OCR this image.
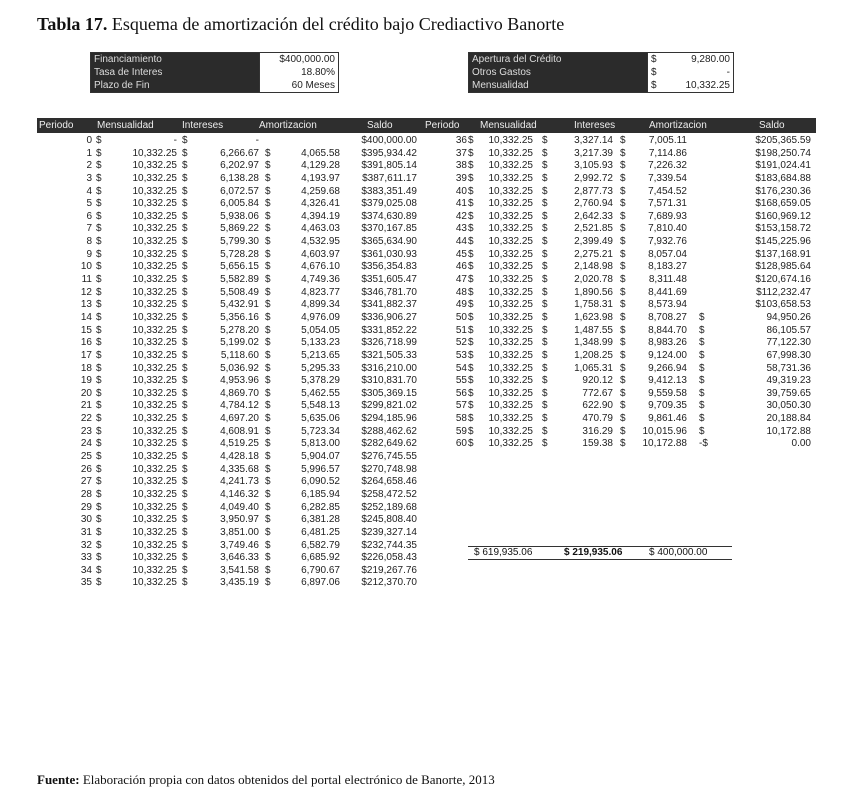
Tabla 17. Esquema de amortización del crédito bajo Crediactivo Banorte
Financiamiento	$400,000.00
Tasa de Interes	18.80%
Plazo de Fin	60 Meses
Apertura del Crédito	$	9,280.00
Otros Gastos	$	-
Mensualidad	$	10,332.25
Periodo Mensualidad	Intereses	Amortizacion	Saldo	Periodo Mensualidad	Intereses	Amortizacion	Saldo
0 $	- $	-	$400,000.00
1 $	10,332.25 $	6,266.67 $	4,065.58	$395,934.42
2 $	10,332.25 $	6,202.97 $	4,129.28	$391,805.14
3 $	10,332.25 $	6,138.28 $	4,193.97	$387,611.17
4 $	10,332.25 $	6,072.57 $	4,259.68	$383,351.49
5 $	10,332.25 $	6,005.84 $	4,326.41	$379,025.08
6 $	10,332.25 $	5,938.06 $	4,394.19	$374,630.89
7 $	10,332.25 $	5,869.22 $	4,463.03	$370,167.85
8 $	10,332.25 $	5,799.30 $	4,532.95	$365,634.90
9 $	10,332.25 $	5,728.28 $	4,603.97	$361,030.93
10 $	10,332.25 $	5,656.15 $	4,676.10	$356,354.83
11 $	10,332.25 $	5,582.89 $	4,749.36	$351,605.47
12 $	10,332.25 $	5,508.49 $	4,823.77	$346,781.70
13 $	10,332.25 $	5,432.91 $	4,899.34	$341,882.37
14 $	10,332.25 $	5,356.16 $	4,976.09	$336,906.27
15 $	10,332.25 $	5,278.20 $	5,054.05	$331,852.22
16 $	10,332.25 $	5,199.02 $	5,133.23	$326,718.99
17 $	10,332.25 $	5,118.60 $	5,213.65	$321,505.33
18 $	10,332.25 $	5,036.92 $	5,295.33	$316,210.00
19 $	10,332.25 $	4,953.96 $	5,378.29	$310,831.70
20 $	10,332.25 $	4,869.70 $	5,462.55	$305,369.15
21 $	10,332.25 $	4,784.12 $	5,548.13	$299,821.02
22 $	10,332.25 $	4,697.20 $	5,635.06	$294,185.96
23 $	10,332.25 $	4,608.91 $	5,723.34	$288,462.62
24 $	10,332.25 $	4,519.25 $	5,813.00	$282,649.62
25 $	10,332.25 $	4,428.18 $	5,904.07	$276,745.55
26 $	10,332.25 $	4,335.68 $	5,996.57	$270,748.98
27 $	10,332.25 $	4,241.73 $	6,090.52	$264,658.46
28 $	10,332.25 $	4,146.32 $	6,185.94	$258,472.52
29 $	10,332.25 $	4,049.40 $	6,282.85	$252,189.68
30 $	10,332.25 $	3,950.97 $	6,381.28	$245,808.40
31 $	10,332.25 $	3,851.00 $	6,481.25	$239,327.14
32 $	10,332.25 $	3,749.46 $	6,582.79	$232,744.35
33 $	10,332.25 $	3,646.33 $	6,685.92	$226,058.43
34 $	10,332.25 $	3,541.58 $	6,790.67	$219,267.76
35 $	10,332.25 $	3,435.19 $	6,897.06	$212,370.70
36 $	10,332.25 $	3,327.14 $	7,005.11	$205,365.59
37 $	10,332.25 $	3,217.39 $	7,114.86	$198,250.74
38 $	10,332.25 $	3,105.93 $	7,226.32	$191,024.41
39 $	10,332.25 $	2,992.72 $	7,339.54	$183,684.88
40 $	10,332.25 $	2,877.73 $	7,454.52	$176,230.36
41 $	10,332.25 $	2,760.94 $	7,571.31	$168,659.05
42 $	10,332.25 $	2,642.33 $	7,689.93	$160,969.12
43 $	10,332.25 $	2,521.85 $	7,810.40	$153,158.72
44 $	10,332.25 $	2,399.49 $	7,932.76	$145,225.96
45 $	10,332.25 $	2,275.21 $	8,057.04	$137,168.91
46 $	10,332.25 $	2,148.98 $	8,183.27	$128,985.64
47 $	10,332.25 $	2,020.78 $	8,311.48	$120,674.16
48 $	10,332.25 $	1,890.56 $	8,441.69	$112,232.47
49 $	10,332.25 $	1,758.31 $	8,573.94	$103,658.53
50 $	10,332.25 $	1,623.98 $	8,708.27 $	94,950.26
51 $	10,332.25 $	1,487.55 $	8,844.70 $	86,105.57
52 $	10,332.25 $	1,348.99 $	8,983.26 $	77,122.30
53 $	10,332.25 $	1,208.25 $	9,124.00 $	67,998.30
54 $	10,332.25 $	1,065.31 $	9,266.94 $	58,731.36
55 $	10,332.25 $	920.12 $	9,412.13 $	49,319.23
56 $	10,332.25 $	772.67 $	9,559.58 $	39,759.65
57 $	10,332.25 $	622.90 $	9,709.35 $	30,050.30
58 $	10,332.25 $	470.79 $	9,861.46 $	20,188.84
59 $	10,332.25 $	316.29 $	10,015.96 $	10,172.88
60 $	10,332.25 $	159.38 $	10,172.88 -$	0.00
$ 619,935.06	$ 219,935.06	$ 400,000.00
Fuente: Elaboración propia con datos obtenidos del portal electrónico de Banorte, 2013
